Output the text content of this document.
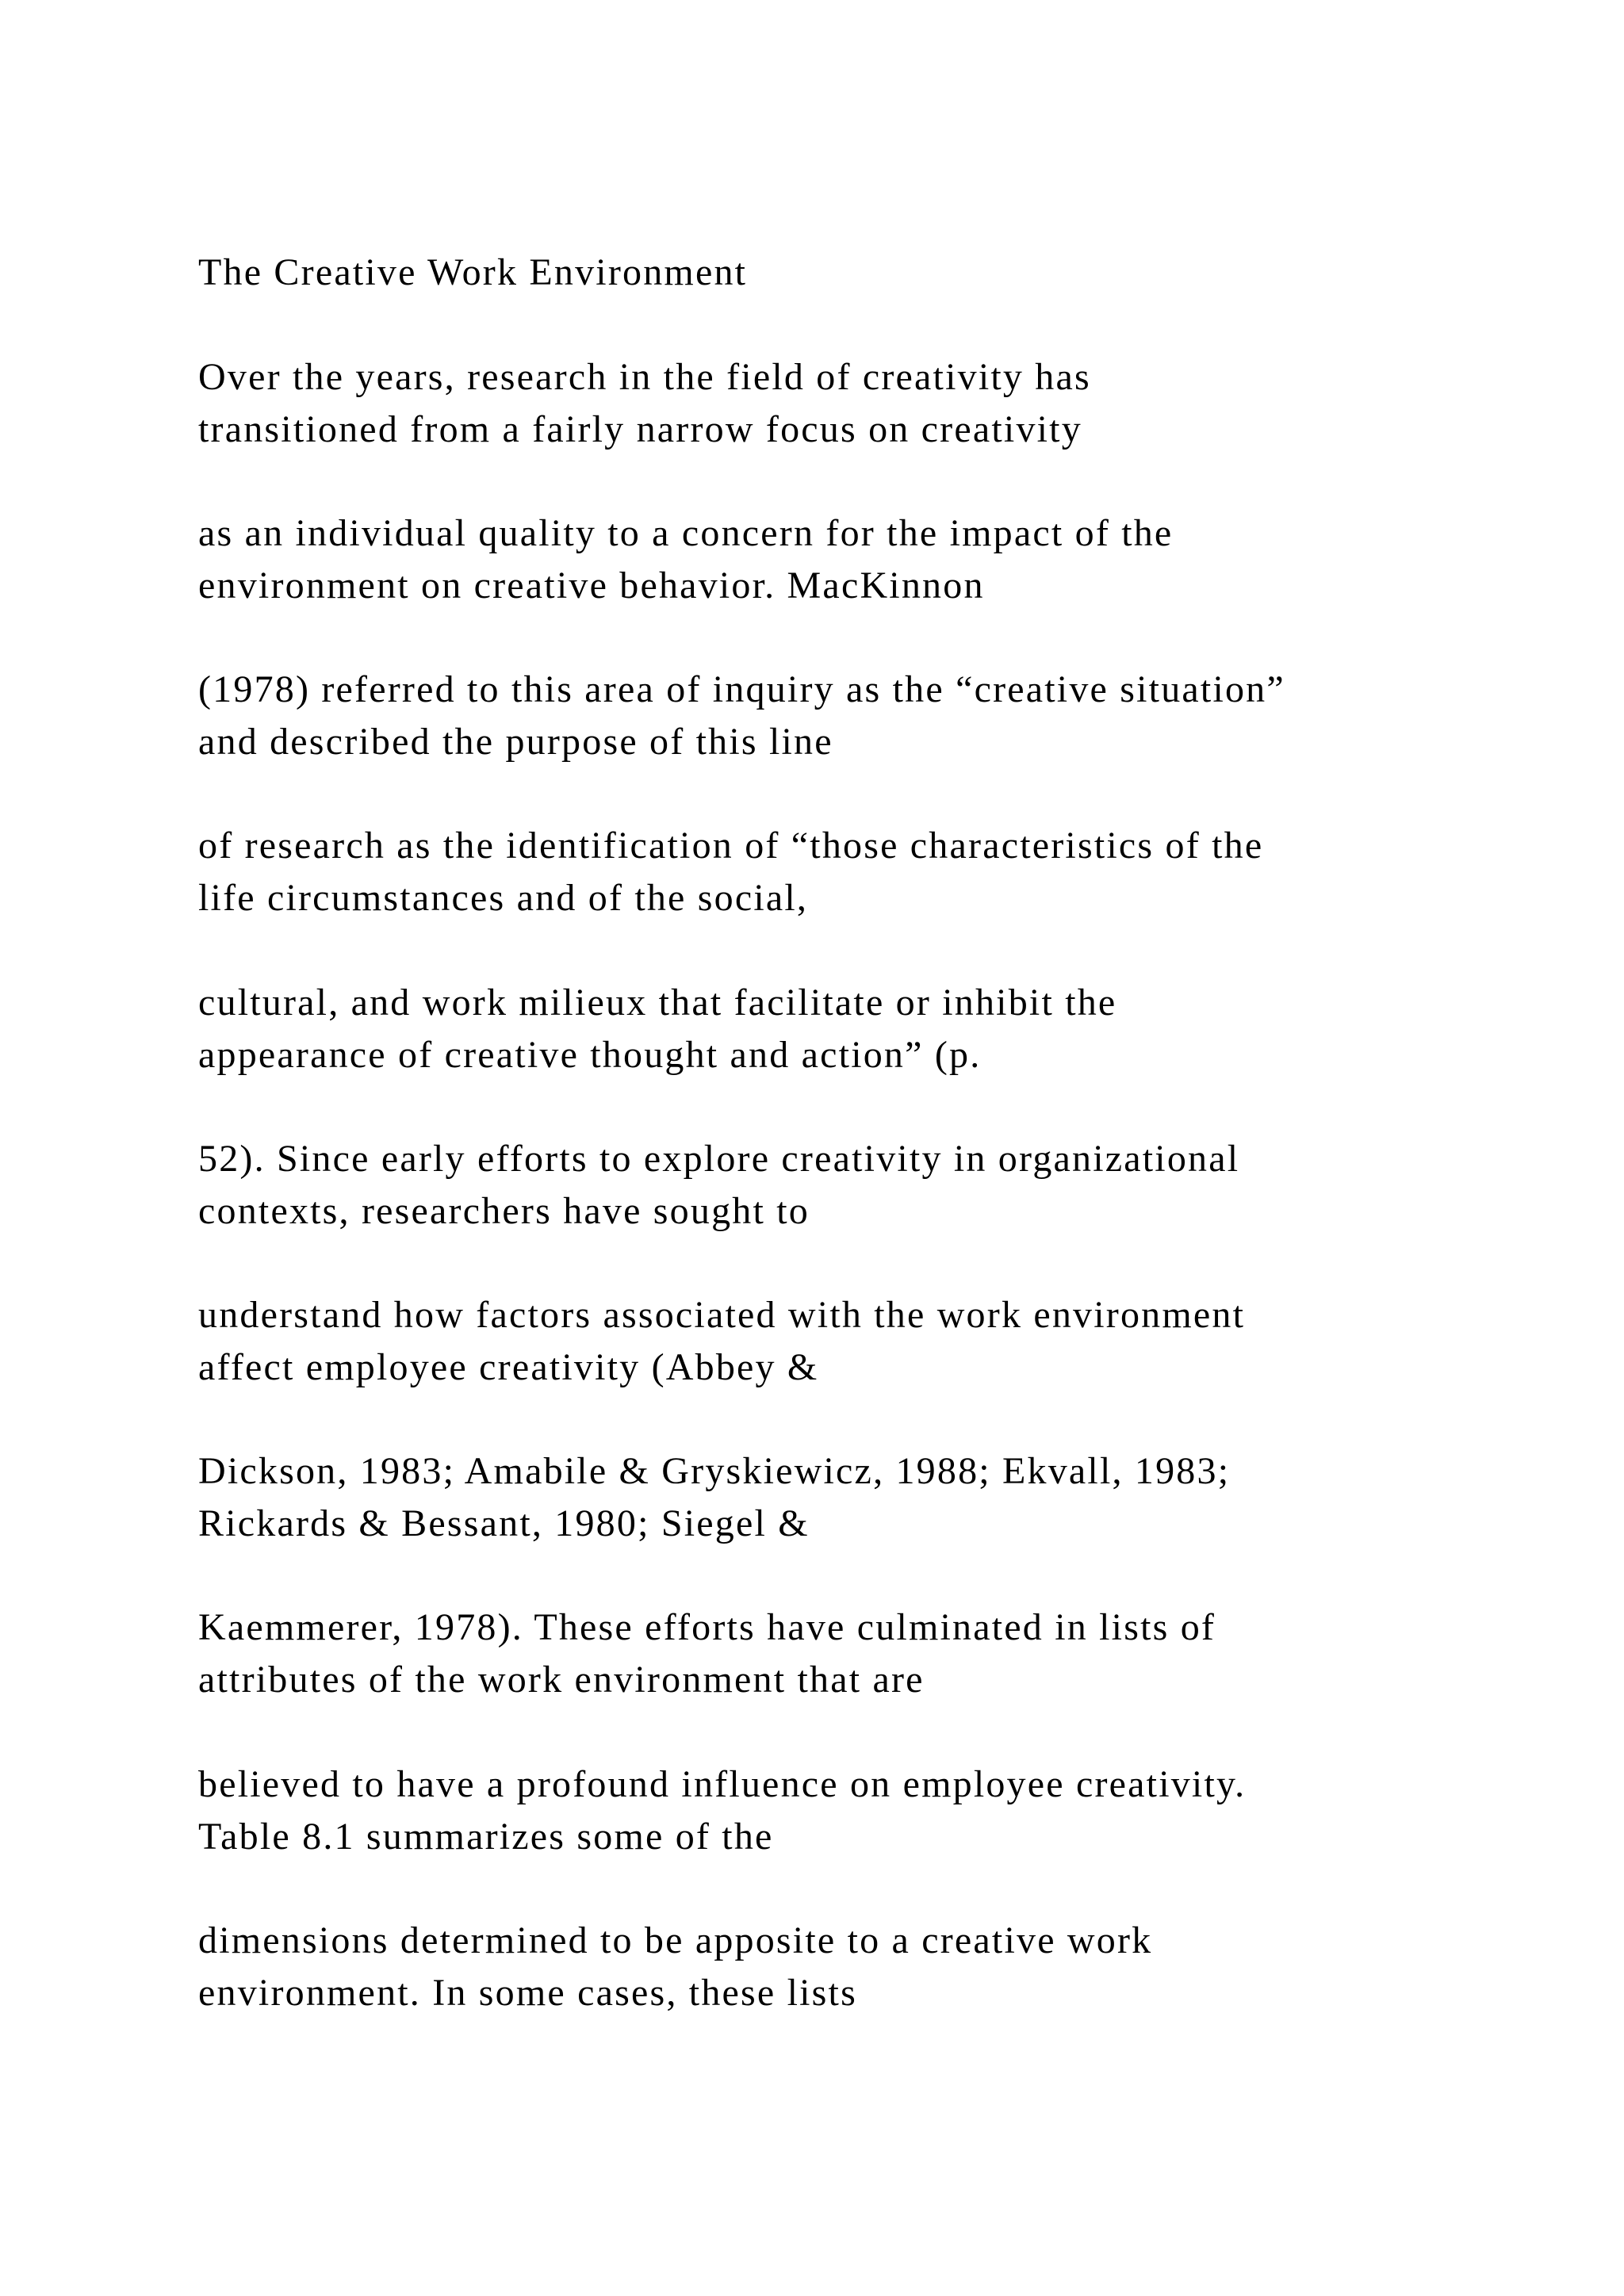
The Creative Work Environment
Over the years, research in the field of creativity has
transitioned from a fairly narrow focus on creativity
as an individual quality to a concern for the impact of the
environment on creative behavior. MacKinnon
(1978) referred to this area of inquiry as the “creative situation”
and described the purpose of this line
of research as the identification of “those characteristics of the
life circumstances and of the social,
cultural, and work milieux that facilitate or inhibit the
appearance of creative thought and action” (p.
52). Since early efforts to explore creativity in organizational
contexts, researchers have sought to
understand how factors associated with the work environment
affect employee creativity (Abbey &
Dickson, 1983; Amabile & Gryskiewicz, 1988; Ekvall, 1983;
Rickards & Bessant, 1980; Siegel &
Kaemmerer, 1978). These efforts have culminated in lists of
attributes of the work environment that are
believed to have a profound influence on employee creativity.
Table 8.1 summarizes some of the
dimensions determined to be apposite to a creative work
environment. In some cases, these lists
